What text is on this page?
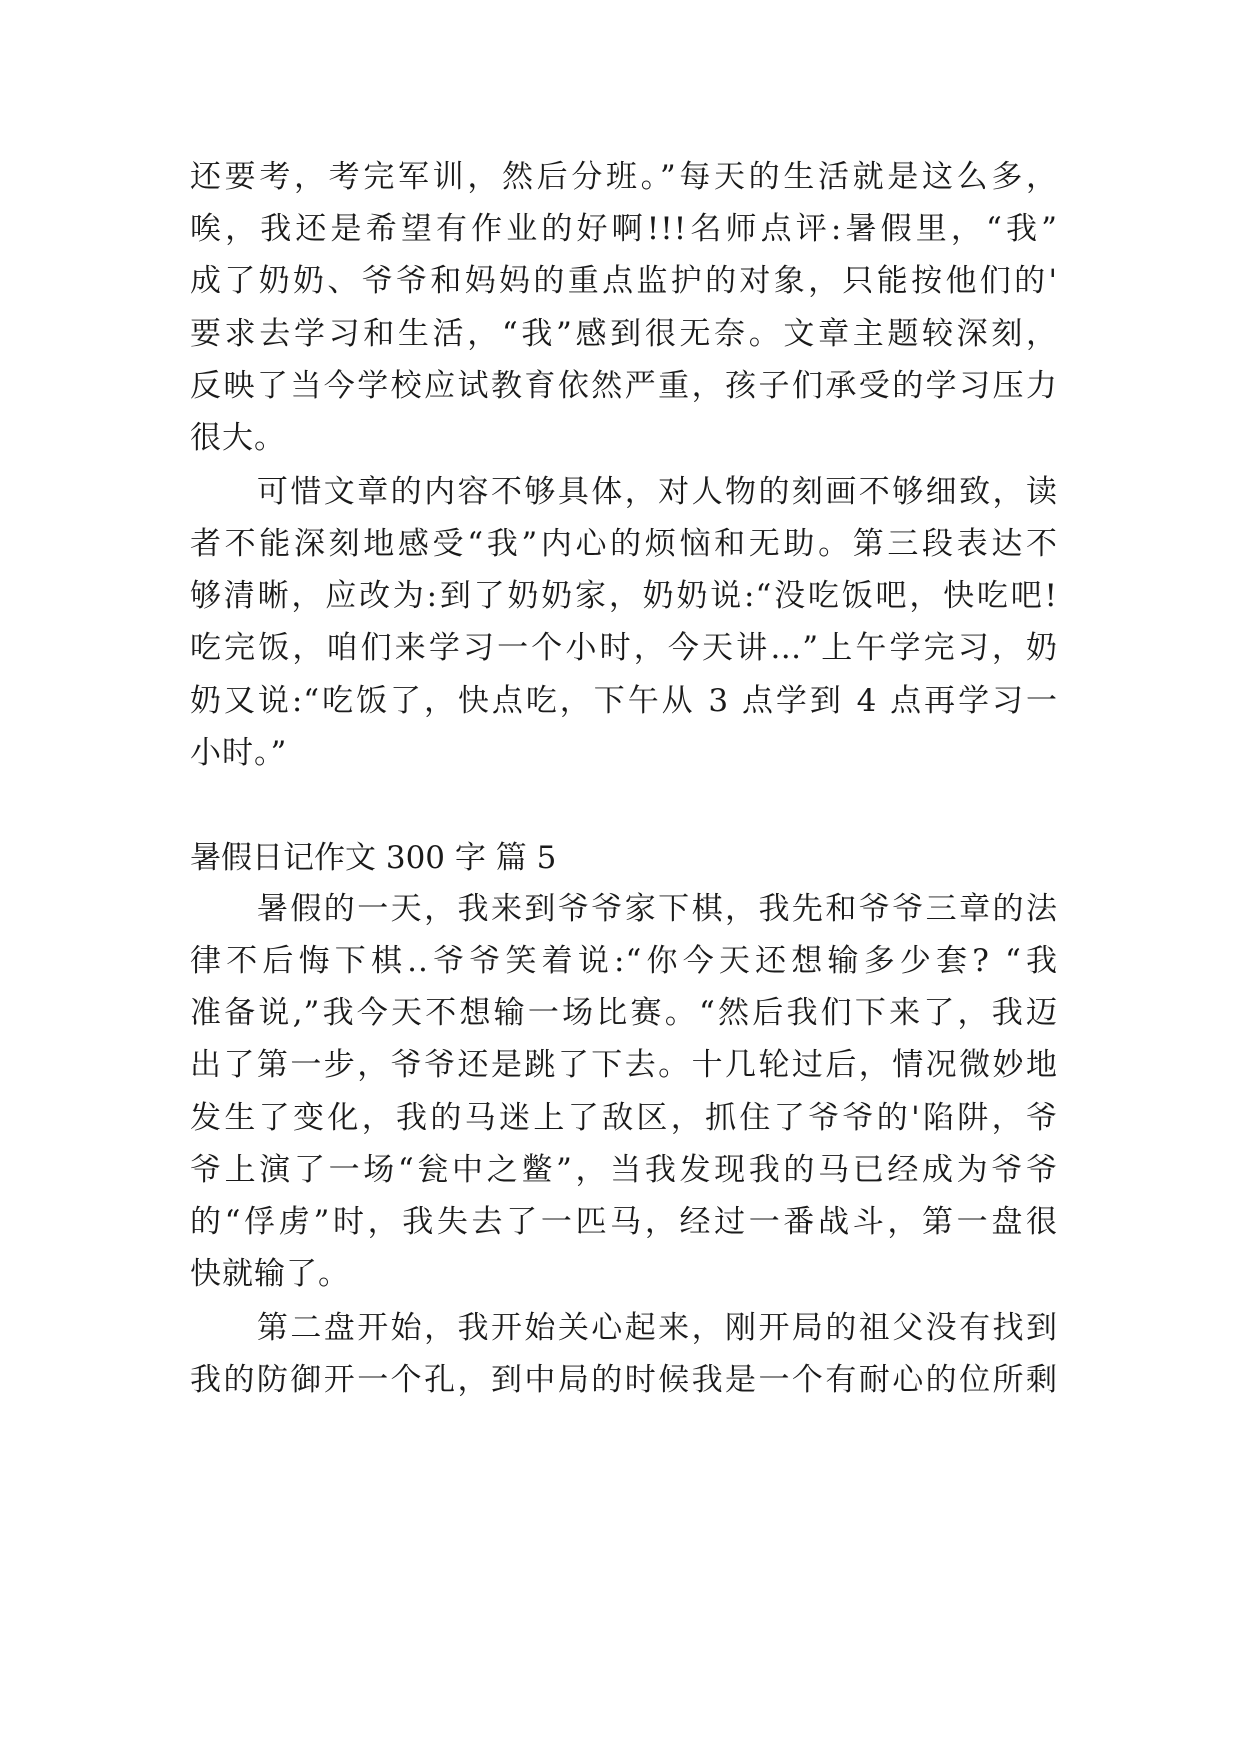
还要考，考完军训，然后分班。”每天的生活就是这么多，
唉，我还是希望有作业的好啊!!!名师点评:暑假里，“我”
成了奶奶、爷爷和妈妈的重点监护的对象，只能按他们的'
要求去学习和生活，“我”感到很无奈。文章主题较深刻，
反映了当今学校应试教育依然严重，孩子们承受的学习压力
很大。
　　可惜文章的内容不够具体，对人物的刻画不够细致，读
者不能深刻地感受“我”内心的烦恼和无助。第三段表达不
够清晰，应改为:到了奶奶家，奶奶说:“没吃饭吧，快吃吧!
吃完饭，咱们来学习一个小时，今天讲…”上午学完习，奶
奶又说:“吃饭了，快点吃，下午从 3 点学到 4 点再学习一
小时。”
暑假日记作文 300 字 篇 5
　　暑假的一天，我来到爷爷家下棋，我先和爷爷三章的法
律不后悔下棋..爷爷笑着说:“你今天还想输多少套? “我
准备说,”我今天不想输一场比赛。“然后我们下来了，我迈
出了第一步，爷爷还是跳了下去。十几轮过后，情况微妙地
发生了变化，我的马迷上了敌区，抓住了爷爷的'陷阱，爷
爷上演了一场“瓮中之鳖”，当我发现我的马已经成为爷爷
的“俘虏”时，我失去了一匹马，经过一番战斗，第一盘很
快就输了。
　　第二盘开始，我开始关心起来，刚开局的祖父没有找到
我的防御开一个孔，到中局的时候我是一个有耐心的位所剩
